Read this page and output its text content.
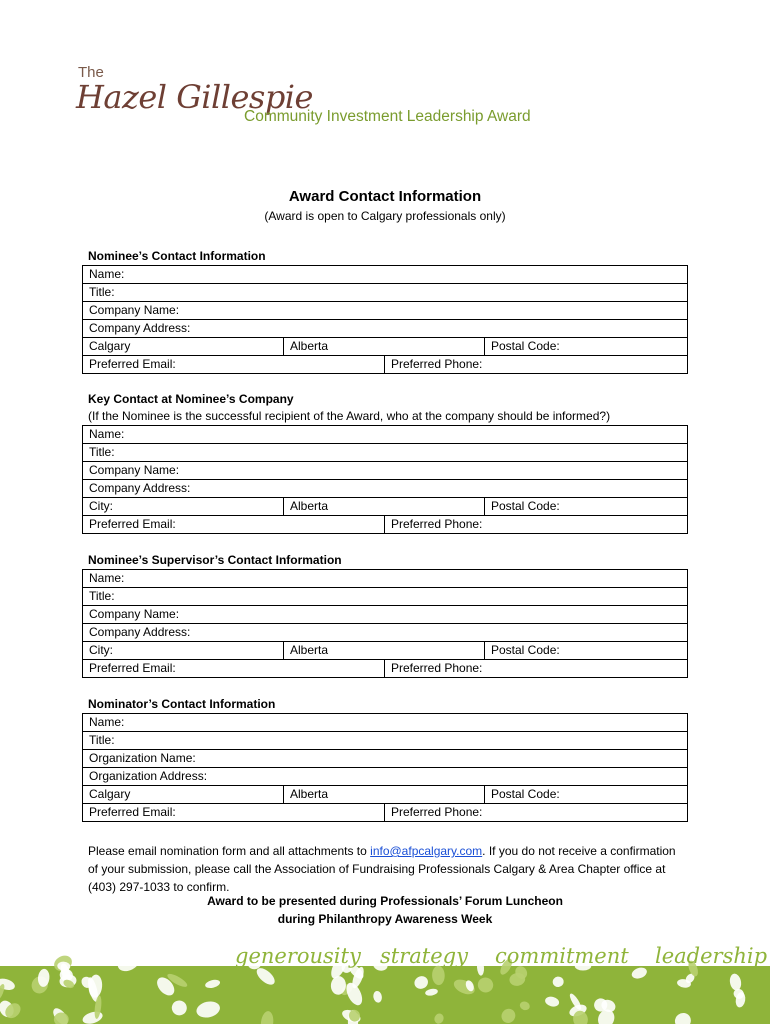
The
Hazel Gillespie
Community Investment Leadership Award
Award Contact Information
(Award is open to Calgary professionals only)
Nominee’s Contact Information
Name:			
Title:			
Company Name:			
Company Address:			
Calgary	Alberta		Postal Code:
Preferred Email:		Preferred Phone:	
Key Contact at Nominee’s Company
(If the Nominee is the successful recipient of the Award, who at the company should be informed?)
Name:			
Title:			
Company Name:			
Company Address:			
City:	Alberta		Postal Code:
Preferred Email:		Preferred Phone:	
Nominee’s Supervisor’s Contact Information
Name:			
Title:			
Company Name:			
Company Address:			
City:	Alberta		Postal Code:
Preferred Email:		Preferred Phone:	
Nominator’s Contact Information
Name:			
Title:			
Organization Name:			
Organization Address:			
Calgary	Alberta		Postal Code:
Preferred Email:		Preferred Phone:	
Please email nomination form and all attachments to info@afpcalgary.com. If you do not receive a confirmation of your submission, please call the Association of Fundraising Professionals Calgary & Area Chapter office at (403) 297-1033 to confirm.
Award to be presented during Professionals’ Forum Luncheon
during Philanthropy Awareness Week
generousity strategy commitment leadership
